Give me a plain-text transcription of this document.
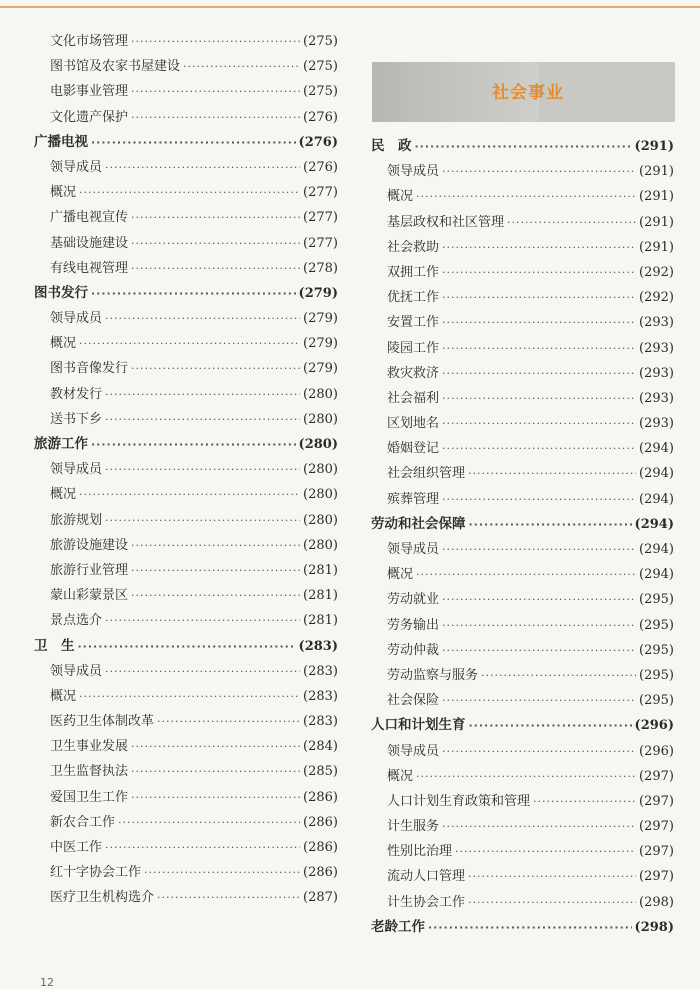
文化市场管理 ·····	(275)
图书馆及农家书屋建设 ·····	(275)
电影事业管理 ·····	(275)
文化遗产保护 ·····	(276)
广播电视 ·····	(276)
领导成员 ·····	(276)
概况 ·····	(277)
广播电视宣传 ·····	(277)
基础设施建设 ·····	(277)
有线电视管理 ·····	(278)
图书发行 ·····	(279)
领导成员 ·····	(279)
概况 ·····	(279)
图书音像发行 ·····	(279)
教材发行 ·····	(280)
送书下乡 ·····	(280)
旅游工作 ·····	(280)
领导成员 ·····	(280)
概况 ·····	(280)
旅游规划 ·····	(280)
旅游设施建设 ·····	(280)
旅游行业管理 ·····	(281)
蒙山彩蒙景区 ·····	(281)
景点选介 ·····	(281)
卫　生 ·····	(283)
领导成员 ·····	(283)
概况 ·····	(283)
医药卫生体制改革 ·····	(283)
卫生事业发展 ·····	(284)
卫生监督执法 ·····	(285)
爱国卫生工作 ·····	(286)
新农合工作 ·····	(286)
中医工作 ·····	(286)
红十字协会工作 ·····	(286)
医疗卫生机构选介 ·····	(287)
社会事业
民　政 ·····	(291)
领导成员 ·····	(291)
概况 ·····	(291)
基层政权和社区管理 ·····	(291)
社会救助 ·····	(291)
双拥工作 ·····	(292)
优抚工作 ·····	(292)
安置工作 ·····	(293)
陵园工作 ·····	(293)
救灾救济 ·····	(293)
社会福利 ·····	(293)
区划地名 ·····	(293)
婚姻登记 ·····	(294)
社会组织管理 ·····	(294)
殡葬管理 ·····	(294)
劳动和社会保障 ·····	(294)
领导成员 ·····	(294)
概况 ·····	(294)
劳动就业 ·····	(295)
劳务输出 ·····	(295)
劳动仲裁 ·····	(295)
劳动监察与服务 ·····	(295)
社会保险 ·····	(295)
人口和计划生育 ·····	(296)
领导成员 ·····	(296)
概况 ·····	(297)
人口计划生育政策和管理 ·····	(297)
计生服务 ·····	(297)
性别比治理 ·····	(297)
流动人口管理 ·····	(297)
计生协会工作 ·····	(298)
老龄工作 ·····	(298)
12
